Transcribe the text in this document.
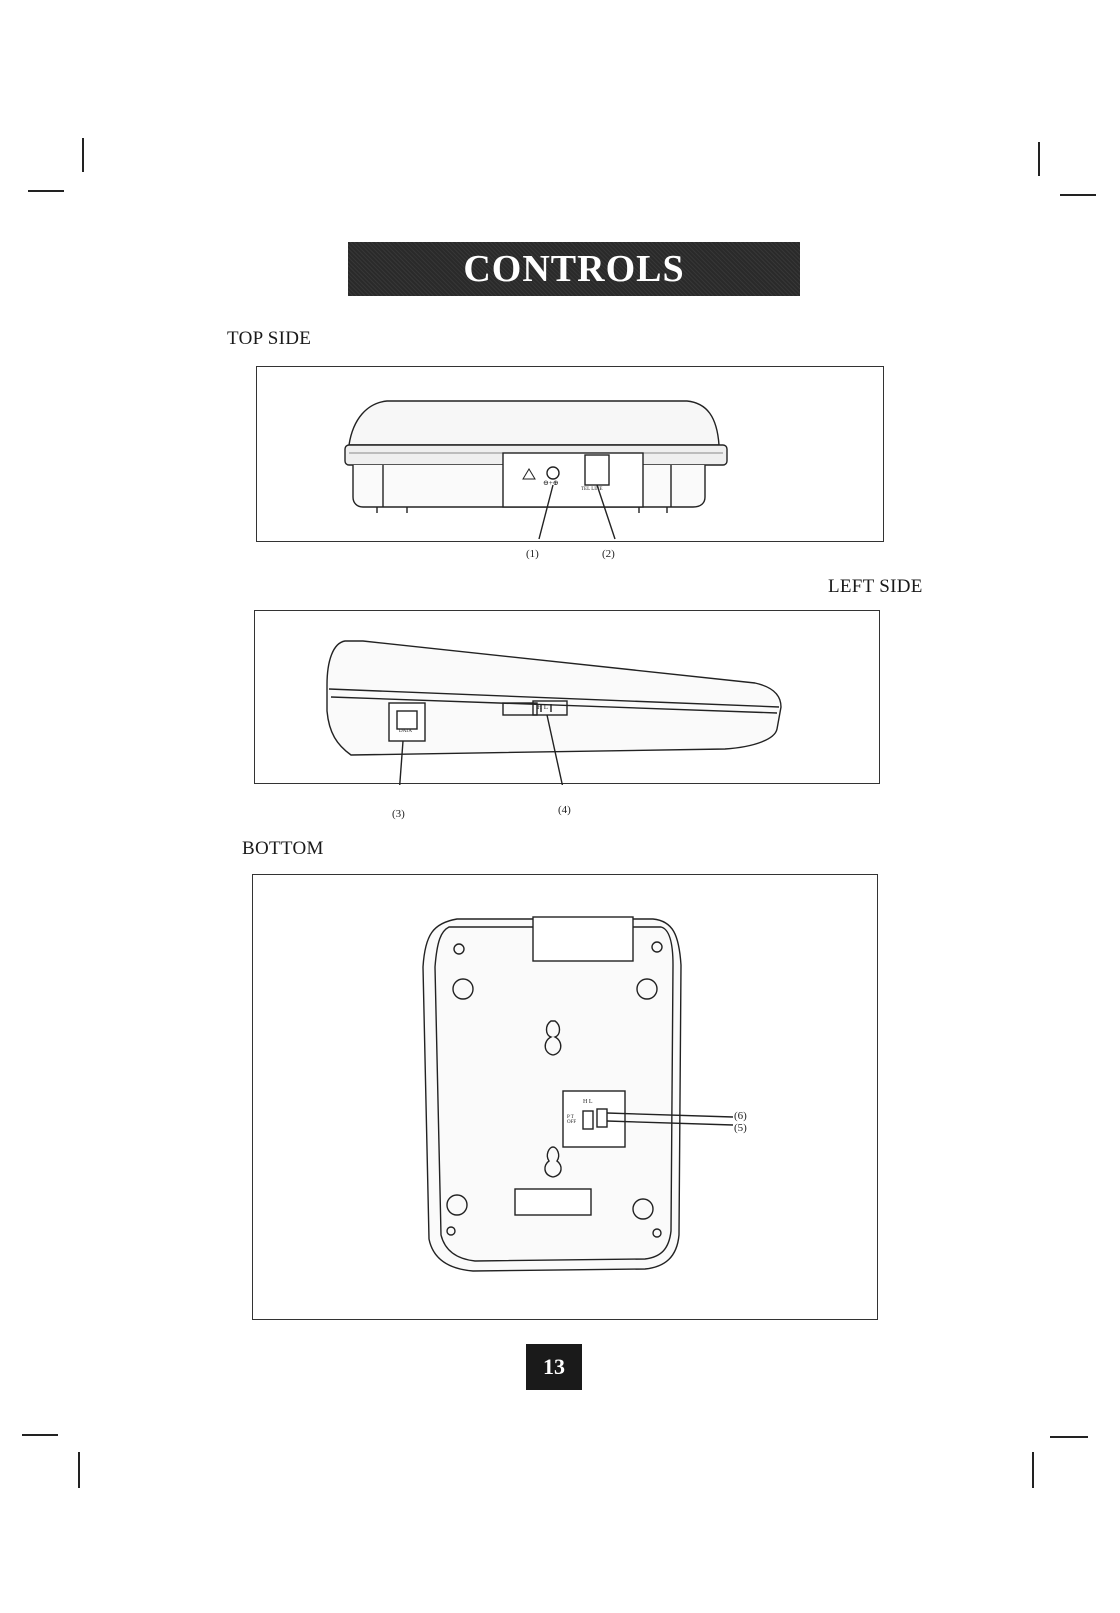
CONTROLS
TOP SIDE
⊖+⊕
TEL LINE
(1)	(2)
LEFT SIDE
DATA
H L
(3)	(4)
BOTTOM
H L
P T OFF
(6)
(5)
13
